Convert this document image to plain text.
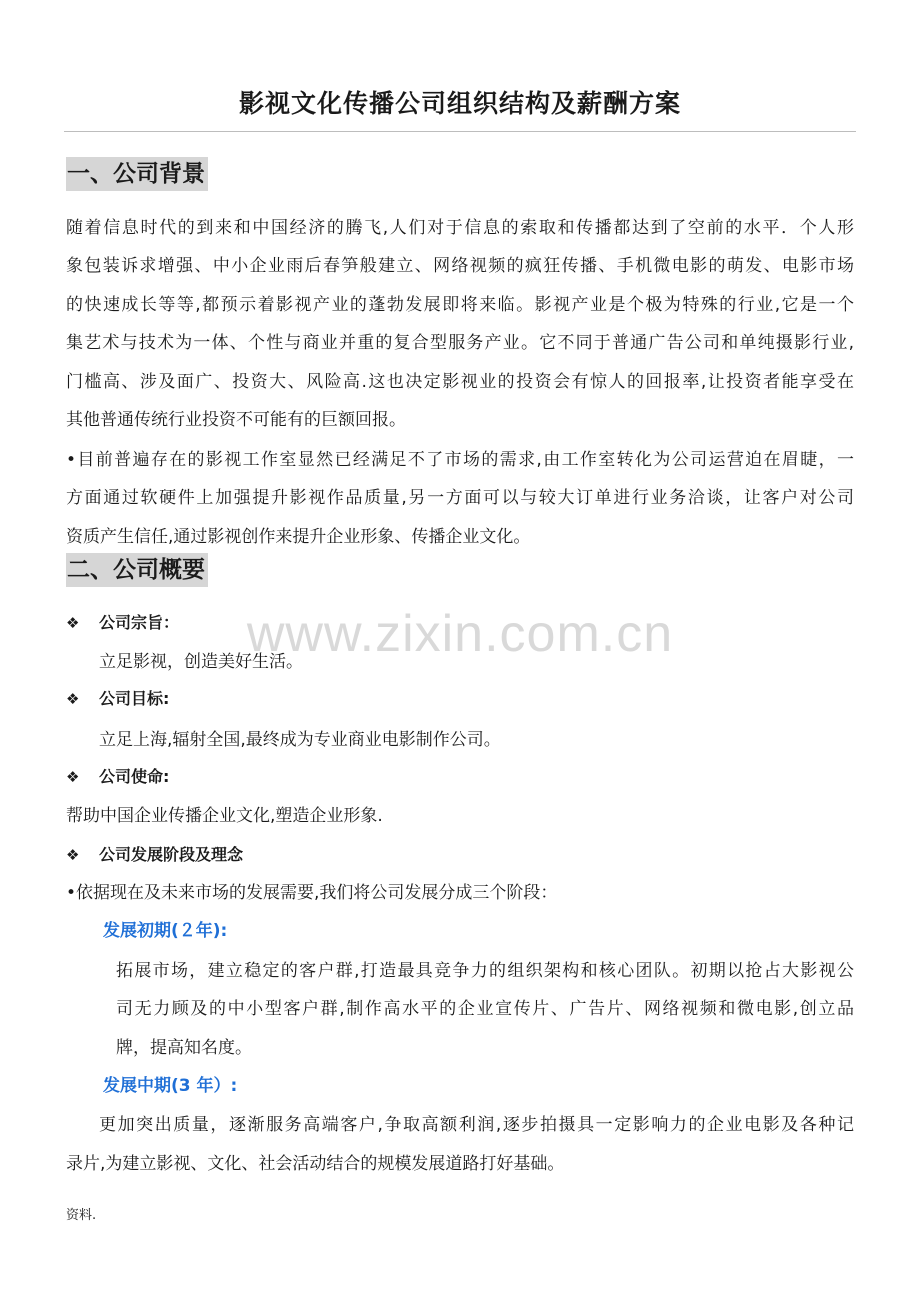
影视文化传播公司组织结构及薪酬方案
一、公司背景
随着信息时代的到来和中国经济的腾飞,人们对于信息的索取和传播都达到了空前的水平．个人形
象包装诉求增强、中小企业雨后春笋般建立、网络视频的疯狂传播、手机微电影的萌发、电影市场
的快速成长等等,都预示着影视产业的蓬勃发展即将来临。影视产业是个极为特殊的行业,它是一个
集艺术与技术为一体、个性与商业并重的复合型服务产业。它不同于普通广告公司和单纯摄影行业,
门槛高、涉及面广、投资大、风险高.这也决定影视业的投资会有惊人的回报率,让投资者能享受在
其他普通传统行业投资不可能有的巨额回报。
•目前普遍存在的影视工作室显然已经满足不了市场的需求,由工作室转化为公司运营迫在眉睫，一
方面通过软硬件上加强提升影视作品质量,另一方面可以与较大订单进行业务洽谈，让客户对公司
资质产生信任,通过影视创作来提升企业形象、传播企业文化。
二、公司概要
www.zixin.com.cn
❖ 公司宗旨：
立足影视，创造美好生活。
❖ 公司目标:
立足上海,辐射全国,最终成为专业商业电影制作公司。
❖ 公司使命:
帮助中国企业传播企业文化,塑造企业形象.
❖ 公司发展阶段及理念
•依据现在及未来市场的发展需要,我们将公司发展分成三个阶段：
发展初期(２年):
拓展市场，建立稳定的客户群,打造最具竞争力的组织架构和核心团队。初期以抢占大影视公
司无力顾及的中小型客户群,制作高水平的企业宣传片、广告片、网络视频和微电影,创立品
牌，提高知名度。
发展中期(3 年）:
更加突出质量，逐渐服务高端客户,争取高额利润,逐步拍摄具一定影响力的企业电影及各种记
录片,为建立影视、文化、社会活动结合的规模发展道路打好基础。
资料.
